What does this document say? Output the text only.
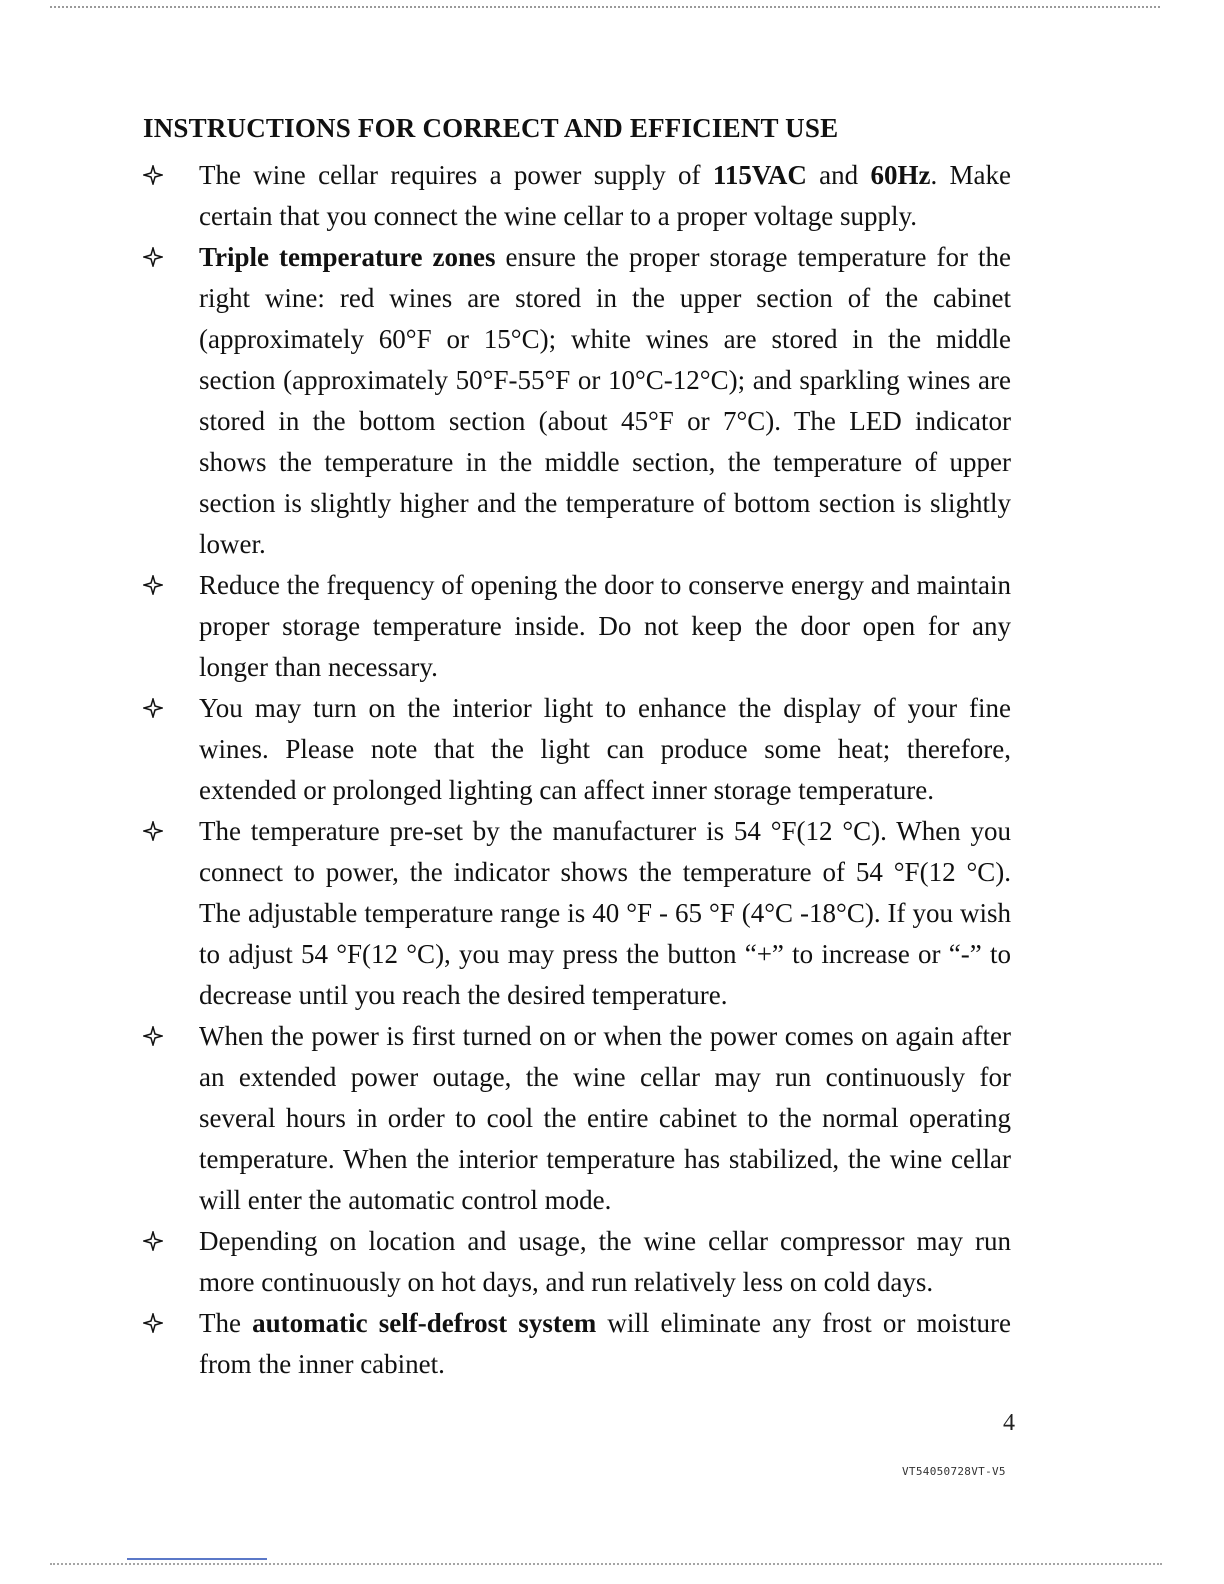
INSTRUCTIONS FOR CORRECT AND EFFICIENT USE
The wine cellar requires a power supply of 115VAC and 60Hz. Make certain that you connect the wine cellar to a proper voltage supply.
Triple temperature zones ensure the proper storage temperature for the right wine: red wines are stored in the upper section of the cabinet (approximately 60°F or 15°C); white wines are stored in the middle section (approximately 50°F-55°F or 10°C-12°C); and sparkling wines are stored in the bottom section (about 45°F or 7°C). The LED indicator shows the temperature in the middle section, the temperature of upper section is slightly higher and the temperature of bottom section is slightly lower.
Reduce the frequency of opening the door to conserve energy and maintain proper storage temperature inside. Do not keep the door open for any longer than necessary.
You may turn on the interior light to enhance the display of your fine wines. Please note that the light can produce some heat; therefore, extended or prolonged lighting can affect inner storage temperature.
The temperature pre-set by the manufacturer is 54 °F(12 °C). When you connect to power, the indicator shows the temperature of 54 °F(12 °C). The adjustable temperature range is 40 °F - 65 °F (4°C -18°C). If you wish to adjust 54 °F(12 °C), you may press the button “+” to increase or “-” to decrease until you reach the desired temperature.
When the power is first turned on or when the power comes on again after an extended power outage, the wine cellar may run continuously for several hours in order to cool the entire cabinet to the normal operating temperature. When the interior temperature has stabilized, the wine cellar will enter the automatic control mode.
Depending on location and usage, the wine cellar compressor may run more continuously on hot days, and run relatively less on cold days.
The automatic self-defrost system will eliminate any frost or moisture from the inner cabinet.
4
VT54050728VT-V5
